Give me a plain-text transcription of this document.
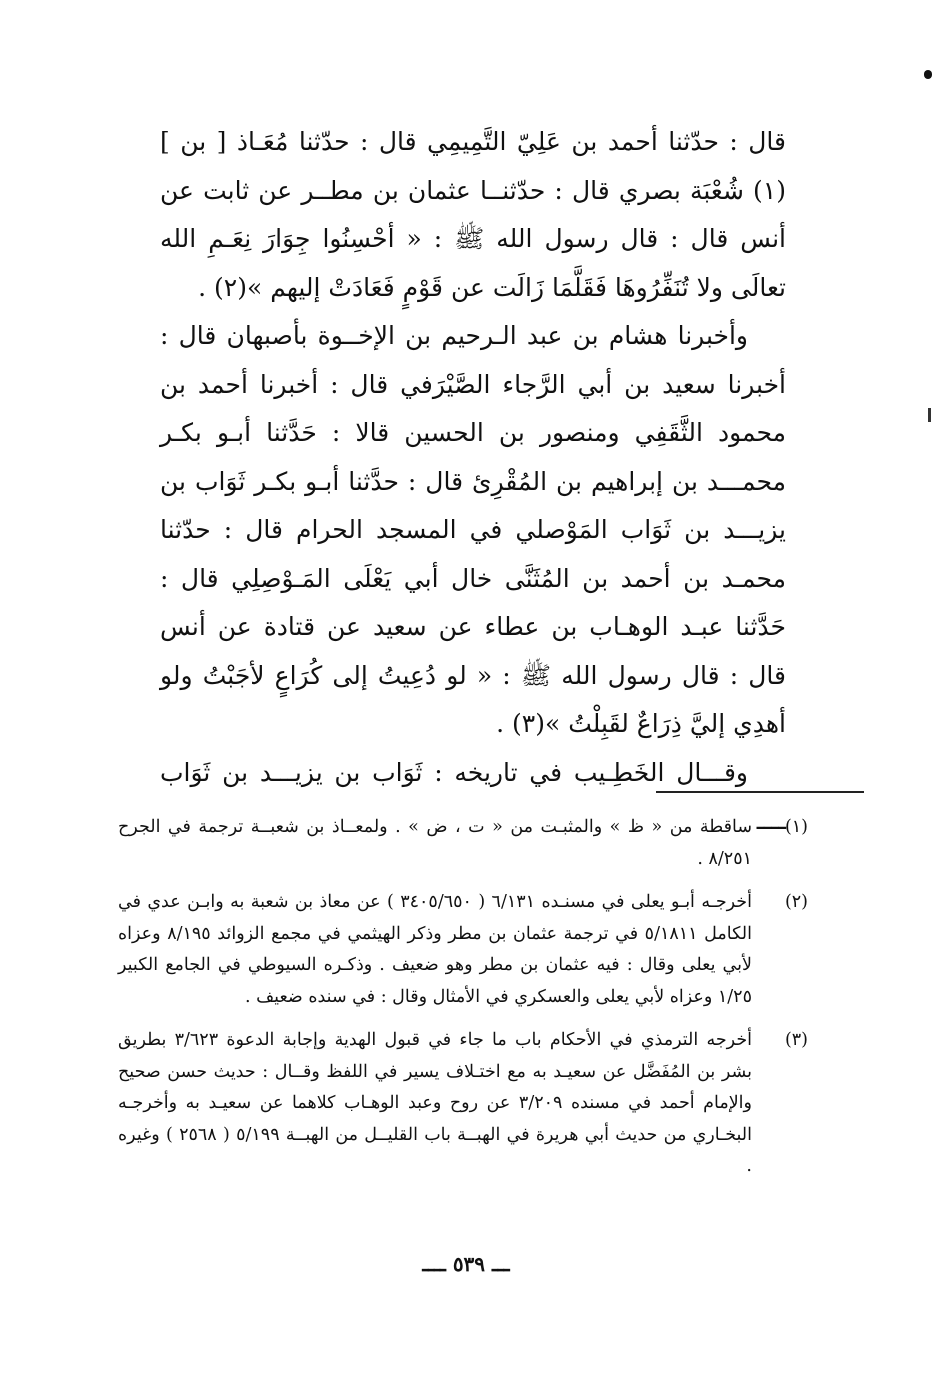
قال : حدّثنا أحمد بن عَلِيّ التَّمِيمِي قال : حدّثنا مُعَـاذ [ بن ](١) شُعْبَة بصري قال : حدّثنــا عثمان بن مطــر عن ثابت عن أنس قال : قال رسول الله ﷺ : « أحْسِنُوا جِوَارَ نِعَـمِ الله تعالَى ولا تُنَفِّرُوهَا فَقَلَّمَا زَالَت عن قَوْمٍ فَعَادَتْ إليهم »(٢) .

وأخبرنا هشام بن عبد الـرحيم بن الإخــوة بأصبهان قال : أخبرنا سعيد بن أبي الرَّجاء الصَّيْرَفي قال : أخبرنا أحمد بن محمود الثَّقَفِي ومنصور بن الحسين قالا : حَدَّثنا أبـو بكـر محمـــد بن إبراهيم بن المُقْرِئ قال : حدَّثنا أبـو بكـر ثَوَاب بن يزيـــد بن ثَوَاب المَوْصلي في المسجد الحرام قال : حدّثنا محمـد بن أحمد بن المُثَنَّى خال أبي يَعْلَى المَـوْصِلِي قال : حَدَّثنا عبـد الوهـاب بن عطاء عن سعيد عن قتادة عن أنس قال : قال رسول الله ﷺ : « لو دُعِيتُ إلى كُرَاعٍ لأجَبْتُ ولو أهدِي إليَّ ذِرَاعٌ لقَبِلْتُ »(٣) .

وقـــال الخَطِـيب في تاريخه : ثَوَاب بن يزيـــد بن ثَوَاب ــــ

(١)
ساقطة من « ظ » والمثبـت من « ت ، ض » . ولمعــاذ بن شعبــة ترجمة في الجرح ٨/٢٥١ .
(٢)
أخرجـه أبـو يعلى في مسنـده ٦/١٣١ ( ٣٤٠٥/٦٥٠ ) عن معاذ بن شعبة به وابـن عدي في الكامل ٥/١٨١١ في ترجمة عثمان بن مطر وذكر الهيثمي في مجمع الزوائد ٨/١٩٥ وعزاه لأبي يعلى وقال : فيه عثمان بن مطر وهو ضعيف . وذكـره السيوطي في الجامع الكبير ١/٢٥ وعزاه لأبي يعلى والعسكري في الأمثال وقال : في سنده ضعيف .
(٣)
أخرجه الترمذي في الأحكام باب ما جاء في قبول الهدية وإجابة الدعوة ٣/٦٢٣ بطريق بشر بن المُفَضَّل عن سعيـد به مع اختـلاف يسير في اللفظ وقــال : حديث حسن صحيح والإمام أحمد في مسنده ٣/٢٠٩ عن روح وعبد الوهـاب كلاهما عن سعيـد به وأخرجـه البخـاري من حديث أبي هريرة في الهبــة باب القليــل من الهبــة ٥/١٩٩ ( ٢٥٦٨ ) وغيره .
ـــ ٥٣٩ ــــ
